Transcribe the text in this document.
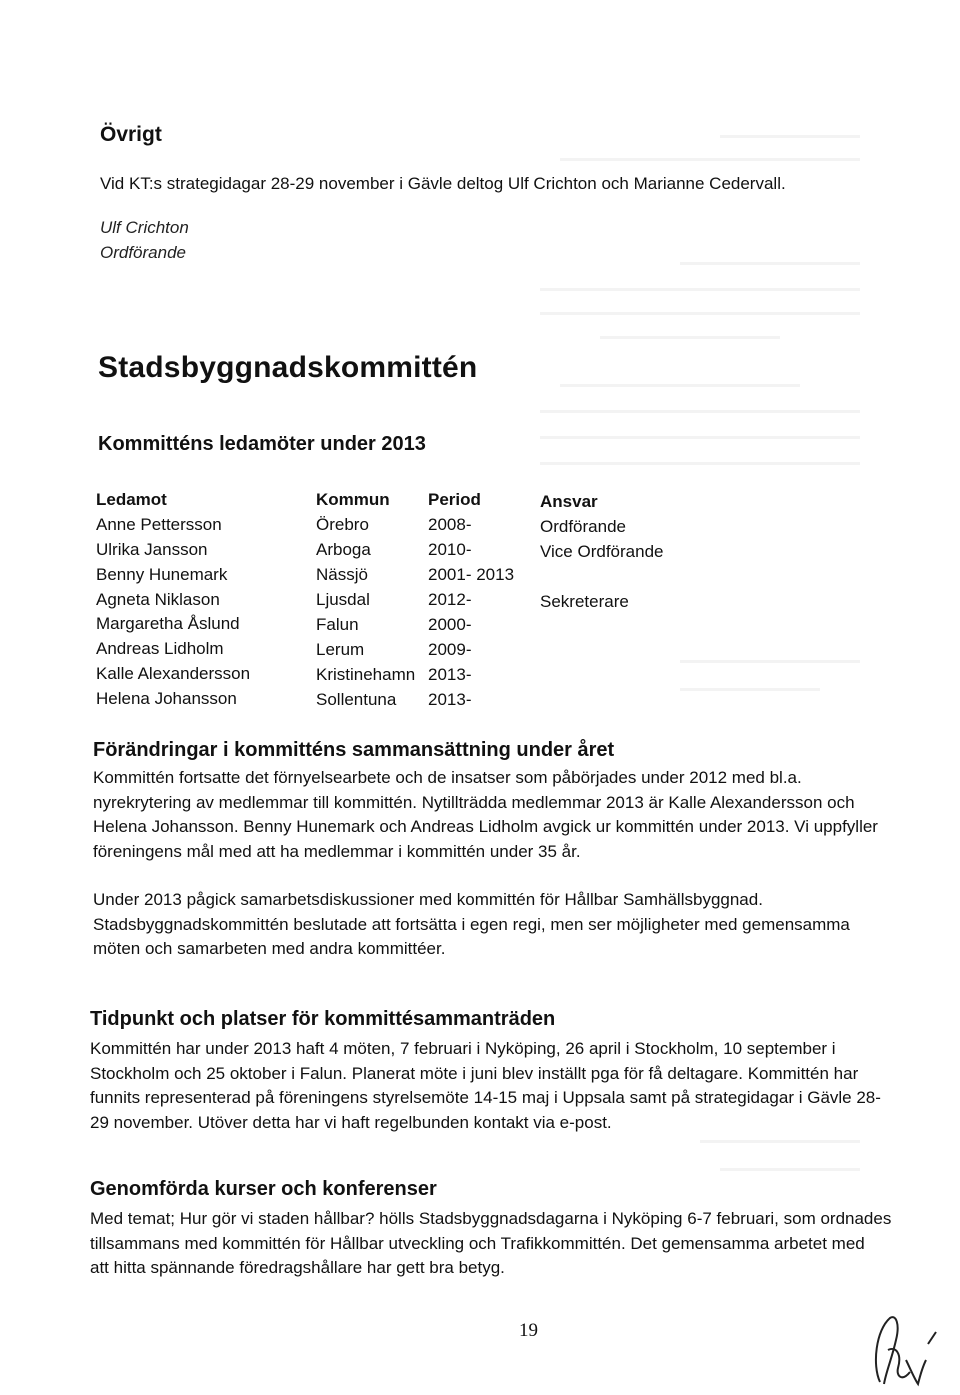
Övrigt
Vid KT:s strategidagar 28-29 november i Gävle deltog Ulf Crichton och Marianne Cedervall.
Ulf Crichton
Ordförande
Stadsbyggnadskommittén
Kommitténs ledamöter under 2013
Ledamot	Kommun Period	Ansvar
Anne Pettersson	Örebro	2008-	Ordförande
Ulrika Jansson	Arboga	2010-	Vice Ordförande
Benny Hunemark	Nässjö	2001- 2013
Agneta Niklason	Ljusdal	2012-	Sekreterare
Margaretha Åslund	Falun	2000-
Andreas Lidholm	Lerum	2009-
Kalle Alexandersson	Kristinehamn 2013-
Helena Johansson	Sollentuna 2013-
Förändringar i kommitténs sammansättning under året
Kommittén fortsatte det förnyelsearbete och de insatser som påbörjades under 2012 med bl.a.
nyrekrytering av medlemmar till kommittén. Nytillträdda medlemmar 2013 är Kalle Alexandersson och
Helena Johansson. Benny Hunemark och Andreas Lidholm avgick ur kommittén under 2013. Vi uppfyller
föreningens mål med att ha medlemmar i kommittén under 35 år.
Under 2013 pågick samarbetsdiskussioner med kommittén för Hållbar Samhällsbyggnad.
Stadsbyggnadskommittén beslutade att fortsätta i egen regi, men ser möjligheter med gemensamma
möten och samarbeten med andra kommittéer.
Tidpunkt och platser för kommittésammanträden
Kommittén har under 2013 haft 4 möten, 7 februari i Nyköping, 26 april i Stockholm, 10 september i
Stockholm och 25 oktober i Falun. Planerat möte i juni blev inställt pga för få deltagare. Kommittén har
funnits representerad på föreningens styrelsemöte 14-15 maj i Uppsala samt på strategidagar i Gävle 28-
29 november. Utöver detta har vi haft regelbunden kontakt via e-post.
Genomförda kurser och konferenser
Med temat; Hur gör vi staden hållbar? hölls Stadsbyggnadsdagarna i Nyköping 6-7 februari, som ordnades
tillsammans med kommittén för Hållbar utveckling och Trafikkommittén. Det gemensamma arbetet med
att hitta spännande föredragshållare har gett bra betyg.
19
